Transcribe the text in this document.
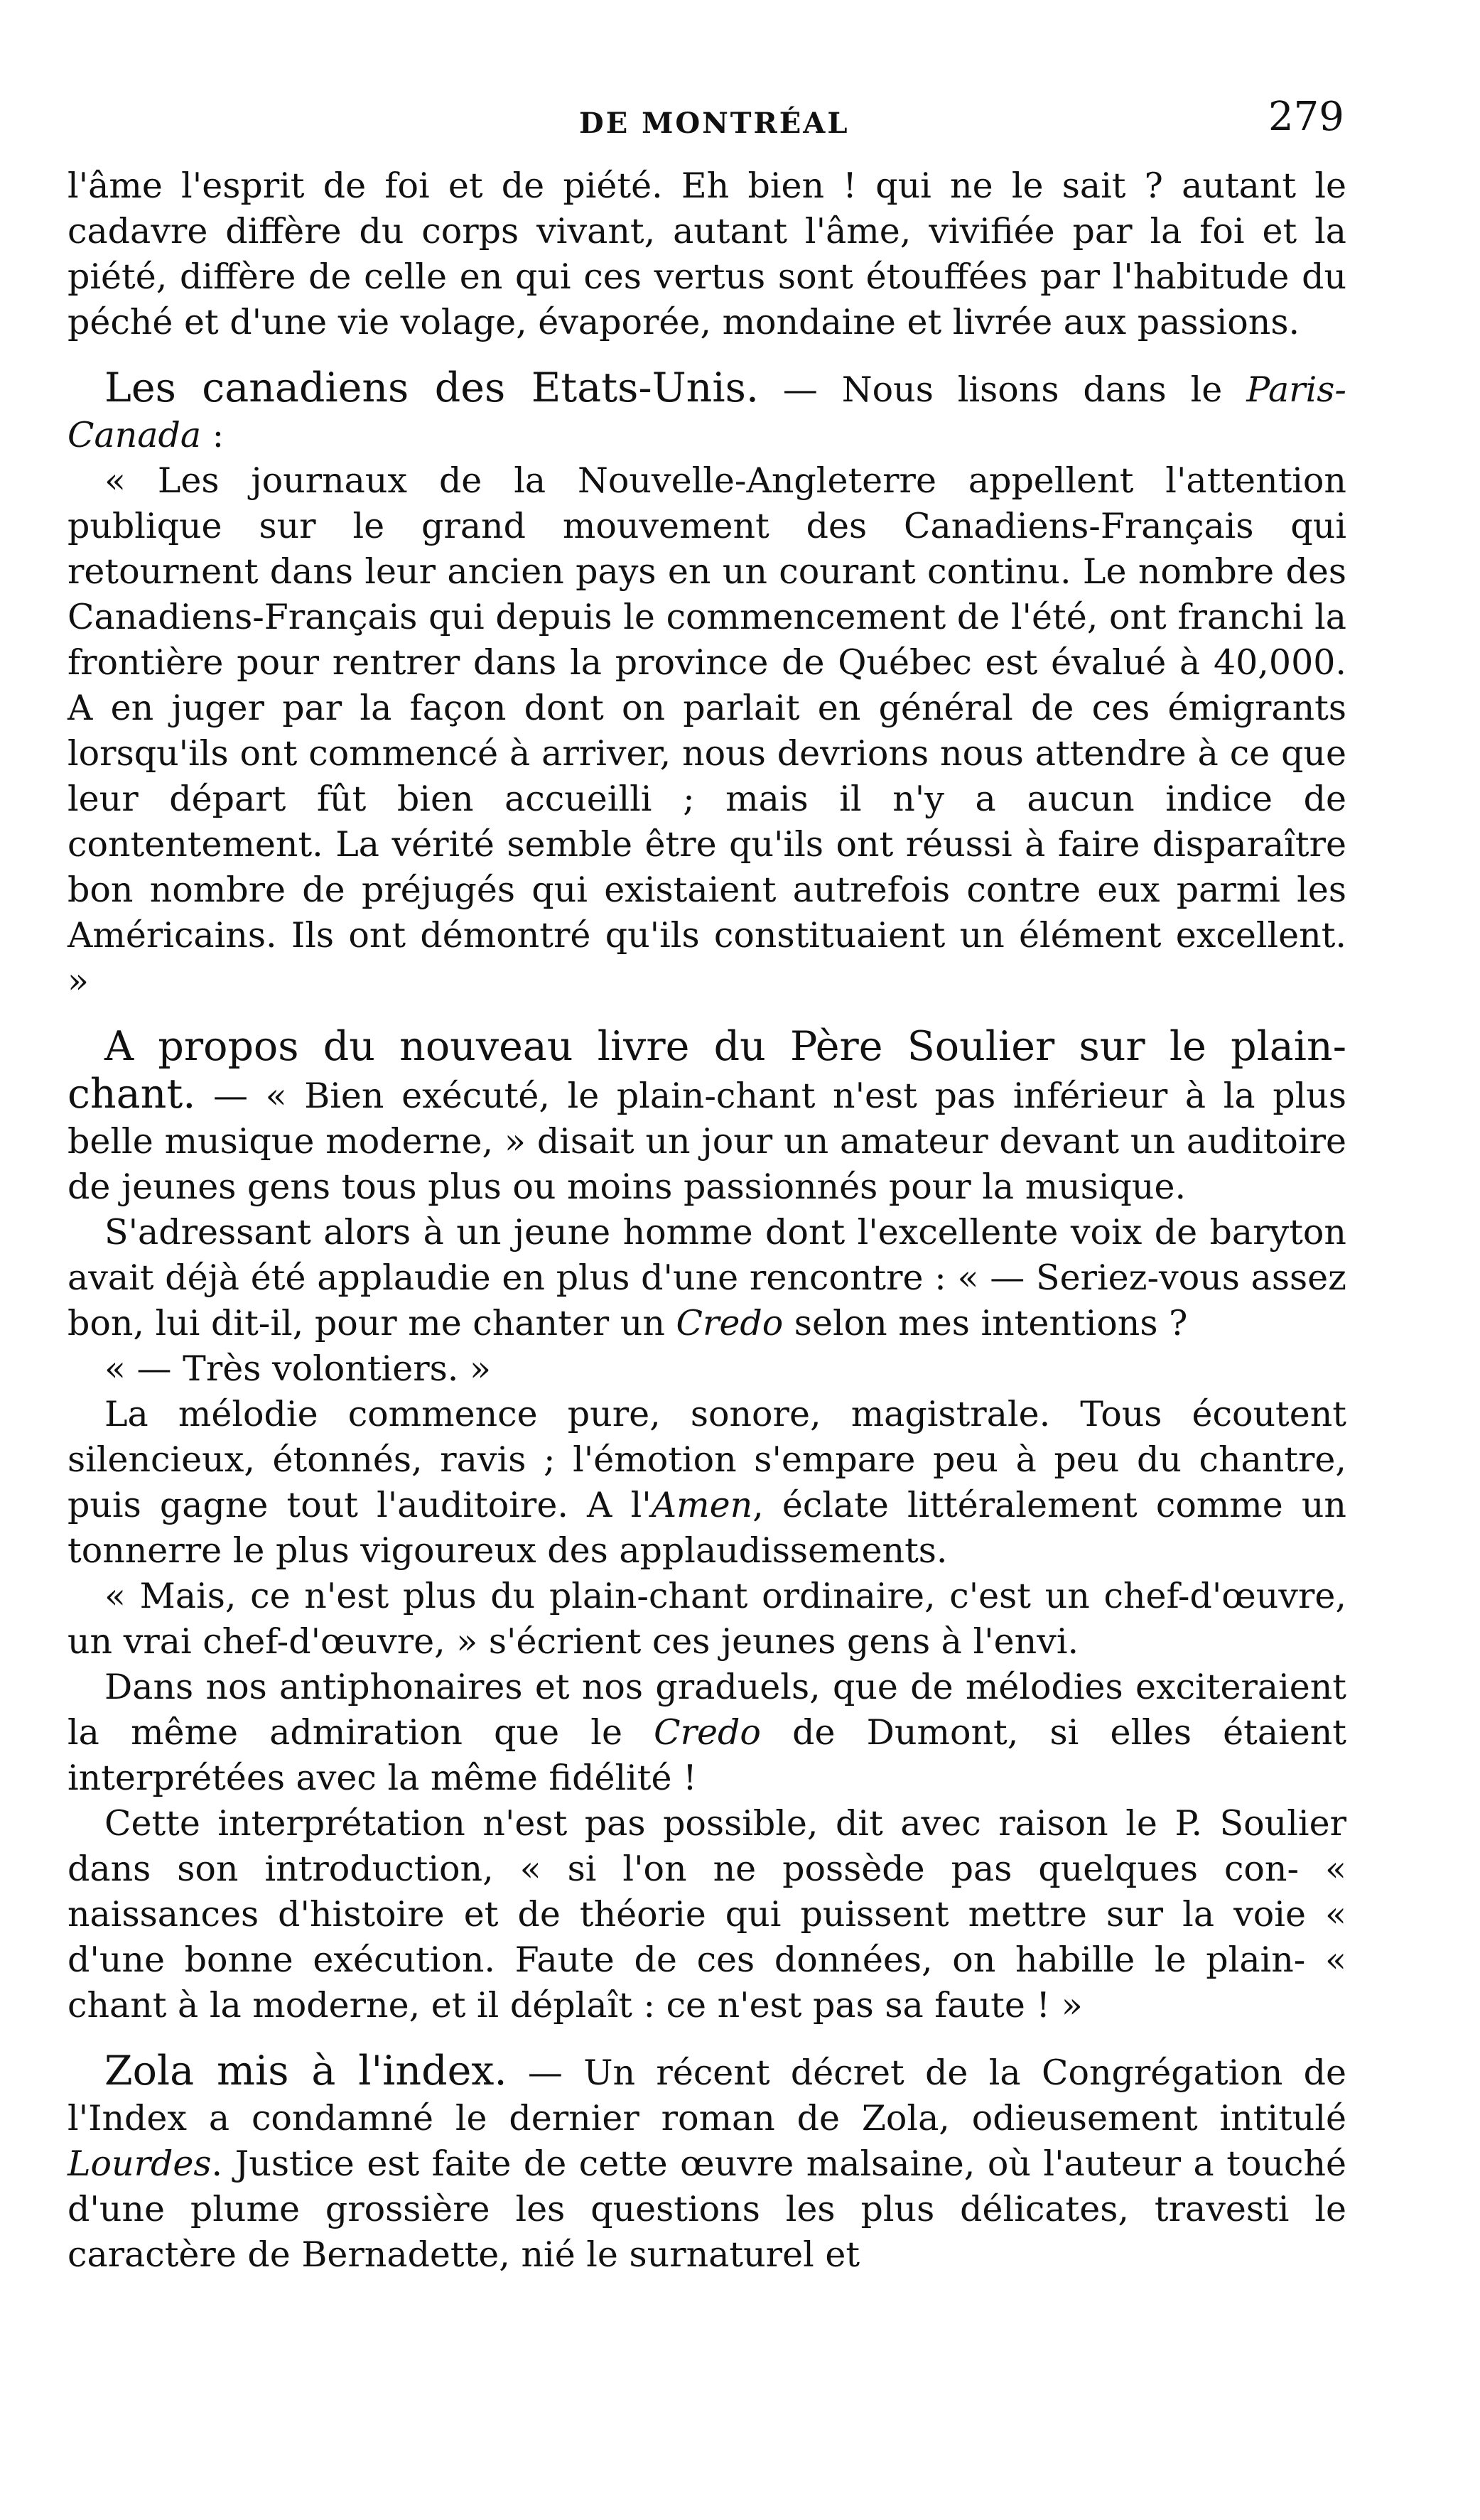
DE MONTRÉAL	279

l'âme l'esprit de foi et de piété. Eh bien ! qui ne le sait ? autant le cadavre diffère du corps vivant, autant l'âme, vivifiée par la foi et la piété, diffère de celle en qui ces vertus sont étouffées par l'habitude du péché et d'une vie volage, évaporée, mondaine et livrée aux passions.

Les canadiens des Etats-Unis. — Nous lisons dans le Paris-Canada :

« Les journaux de la Nouvelle-Angleterre appellent l'attention publique sur le grand mouvement des Canadiens-Français qui retournent dans leur ancien pays en un courant continu. Le nombre des Canadiens-Français qui depuis le commencement de l'été, ont franchi la frontière pour rentrer dans la province de Québec est évalué à 40,000. A en juger par la façon dont on parlait en général de ces émigrants lorsqu'ils ont commencé à arriver, nous devrions nous attendre à ce que leur départ fût bien accueilli ; mais il n'y a aucun indice de contentement. La vérité semble être qu'ils ont réussi à faire disparaître bon nombre de préjugés qui existaient autrefois contre eux parmi les Américains. Ils ont démontré qu'ils constituaient un élément excellent. »

A propos du nouveau livre du Père Soulier sur le plain-chant. — « Bien exécuté, le plain-chant n'est pas inférieur à la plus belle musique moderne, » disait un jour un amateur devant un auditoire de jeunes gens tous plus ou moins passionnés pour la musique.

S'adressant alors à un jeune homme dont l'excellente voix de baryton avait déjà été applaudie en plus d'une rencontre : « — Seriez-vous assez bon, lui dit-il, pour me chanter un Credo selon mes intentions ?

« — Très volontiers. »

La mélodie commence pure, sonore, magistrale. Tous écoutent silencieux, étonnés, ravis ; l'émotion s'empare peu à peu du chantre, puis gagne tout l'auditoire. A l'Amen, éclate littéralement comme un tonnerre le plus vigoureux des applaudissements.

« Mais, ce n'est plus du plain-chant ordinaire, c'est un chef-d'œuvre, un vrai chef-d'œuvre, » s'écrient ces jeunes gens à l'envi.

Dans nos antiphonaires et nos graduels, que de mélodies exciteraient la même admiration que le Credo de Dumont, si elles étaient interprétées avec la même fidélité !

Cette interprétation n'est pas possible, dit avec raison le P. Soulier dans son introduction, « si l'on ne possède pas quelques con- « naissances d'histoire et de théorie qui puissent mettre sur la voie « d'une bonne exécution. Faute de ces données, on habille le plain- « chant à la moderne, et il déplaît : ce n'est pas sa faute ! »

Zola mis à l'index. — Un récent décret de la Congrégation de l'Index a condamné le dernier roman de Zola, odieusement intitulé Lourdes. Justice est faite de cette œuvre malsaine, où l'auteur a touché d'une plume grossière les questions les plus délicates, travesti le caractère de Bernadette, nié le surnaturel et
